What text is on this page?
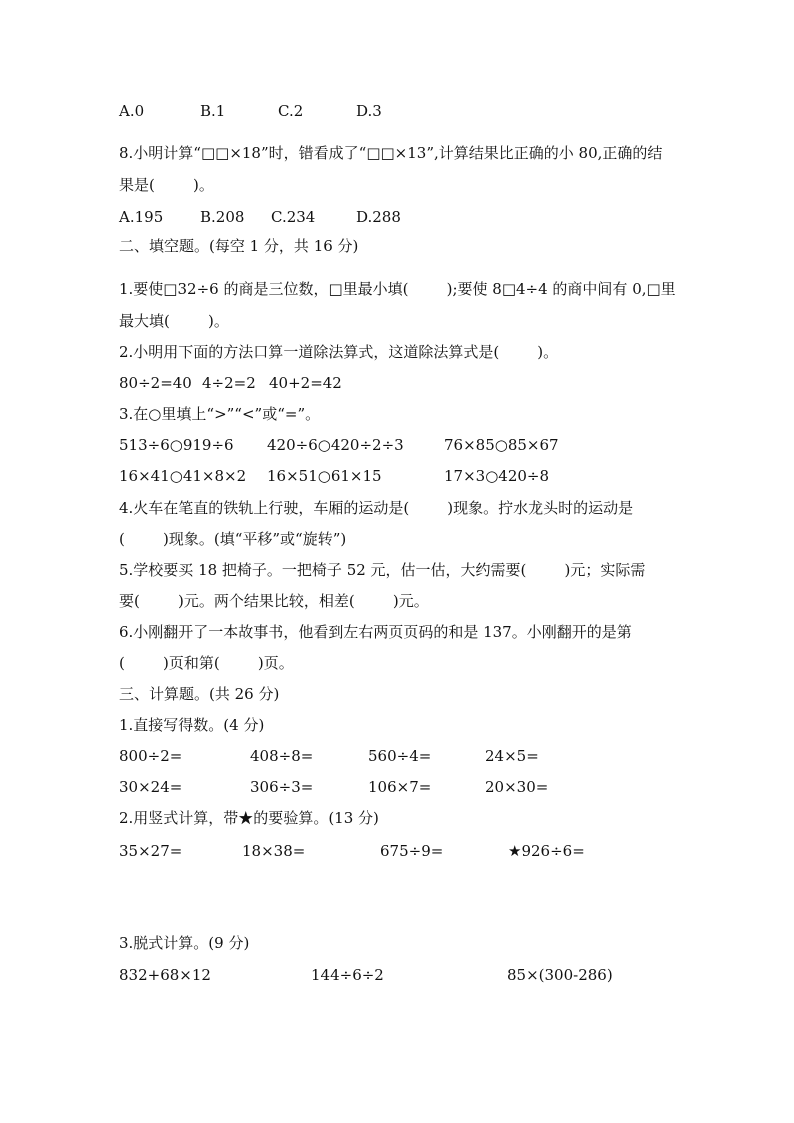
A.0	B.1	C.2	D.3
8.小明计算“□□×18”时，错看成了“□□×13”,计算结果比正确的小 80,正确的结
果是(        )。
A.195 B.208 C.234	D.288
二、填空题。(每空 1 分，共 16 分)
1.要使□32÷6 的商是三位数，□里最小填(        );要使 8□4÷4 的商中间有 0,□里
最大填(        )。
2.小明用下面的方法口算一道除法算式，这道除法算式是(        )。
80÷2=40 4÷2=2 40+2=42
3.在○里填上“>”“<”或“=”。
513÷6○919÷6 420÷6○420÷2÷3	76×85○85×67
16×41○41×8×2 16×51○61×15	17×3○420÷8
4.火车在笔直的铁轨上行驶，车厢的运动是(        )现象。拧水龙头时的运动是
(        )现象。(填“平移”或“旋转”)
5.学校要买 18 把椅子。一把椅子 52 元，估一估，大约需要(        )元；实际需
要(        )元。两个结果比较，相差(        )元。
6.小刚翻开了一本故事书，他看到左右两页页码的和是 137。小刚翻开的是第
(        )页和第(        )页。
三、计算题。(共 26 分)
1.直接写得数。(4 分)
800÷2=	408÷8=	560÷4=	24×5=
30×24=	306÷3=	106×7=	20×30=
2.用竖式计算，带★的要验算。(13 分)
35×27=	18×38=	675÷9=	★926÷6=
3.脱式计算。(9 分)
832+68×12	144÷6÷2	85×(300-286)
